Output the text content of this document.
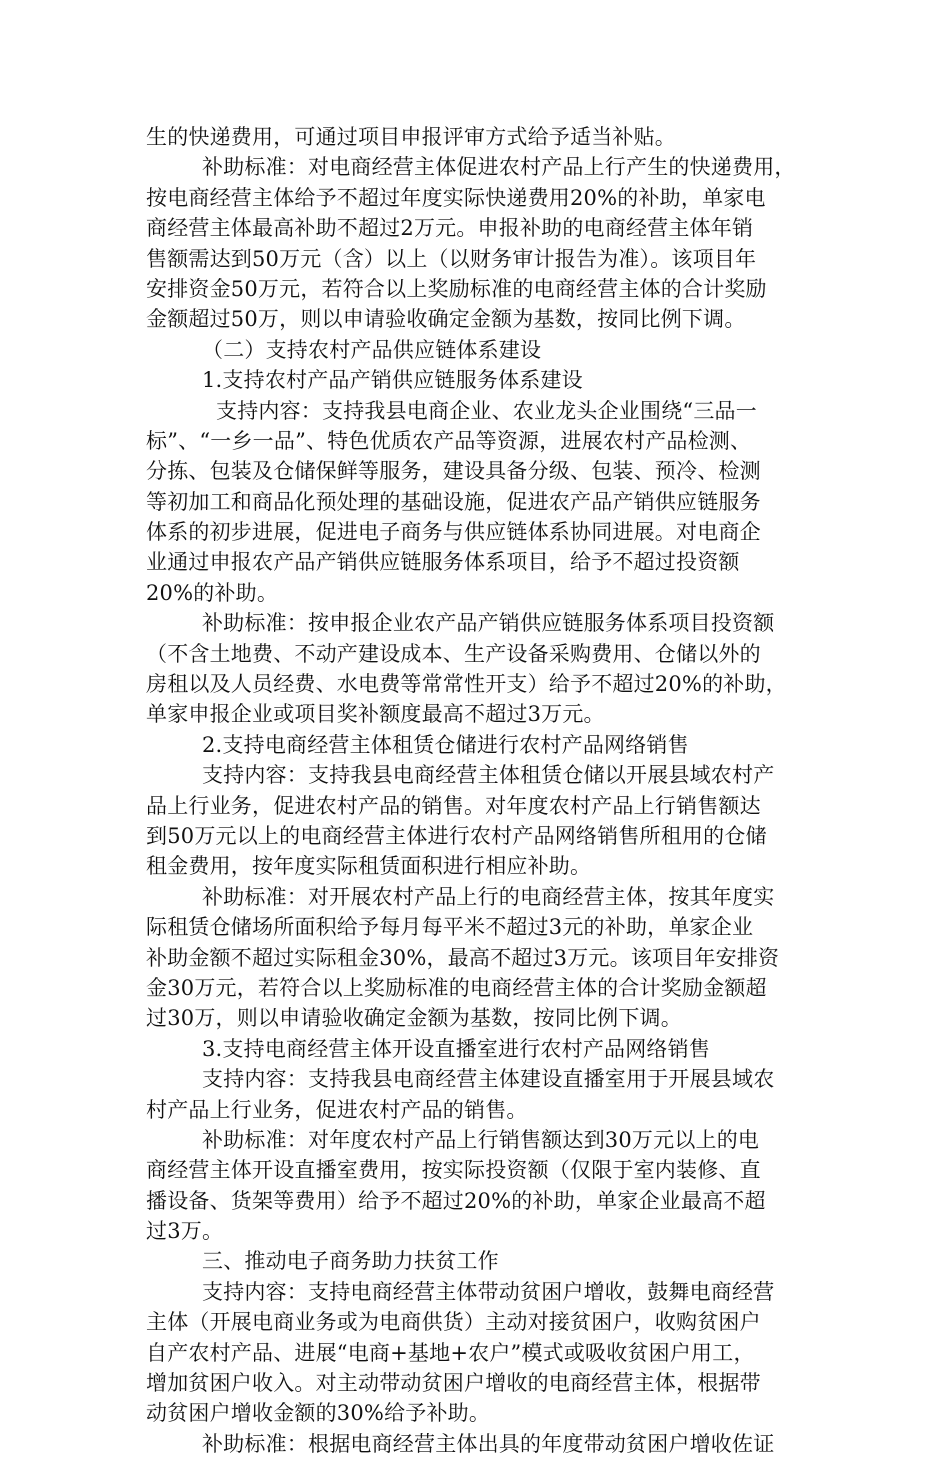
生的快递费用，可通过项目申报评审方式给予适当补贴。
补助标准：对电商经营主体促进农村产品上行产生的快递费用，
按电商经营主体给予不超过年度实际快递费用20%的补助，单家电
商经营主体最高补助不超过2万元。申报补助的电商经营主体年销
售额需达到50万元（含）以上（以财务审计报告为准）。该项目年
安排资金50万元，若符合以上奖励标准的电商经营主体的合计奖励
金额超过50万，则以申请验收确定金额为基数，按同比例下调。
（二）支持农村产品供应链体系建设
1.支持农村产品产销供应链服务体系建设
支持内容：支持我县电商企业、农业龙头企业围绕“三品一
标”、“一乡一品”、特色优质农产品等资源，进展农村产品检测、
分拣、包装及仓储保鲜等服务，建设具备分级、包装、预冷、检测
等初加工和商品化预处理的基础设施，促进农产品产销供应链服务
体系的初步进展，促进电子商务与供应链体系协同进展。对电商企
业通过申报农产品产销供应链服务体系项目，给予不超过投资额
20%的补助。
补助标准：按申报企业农产品产销供应链服务体系项目投资额
（不含土地费、不动产建设成本、生产设备采购费用、仓储以外的
房租以及人员经费、水电费等常常性开支）给予不超过20%的补助，
单家申报企业或项目奖补额度最高不超过3万元。
2.支持电商经营主体租赁仓储进行农村产品网络销售
支持内容：支持我县电商经营主体租赁仓储以开展县域农村产
品上行业务，促进农村产品的销售。对年度农村产品上行销售额达
到50万元以上的电商经营主体进行农村产品网络销售所租用的仓储
租金费用，按年度实际租赁面积进行相应补助。
补助标准：对开展农村产品上行的电商经营主体，按其年度实
际租赁仓储场所面积给予每月每平米不超过3元的补助，单家企业
补助金额不超过实际租金30%，最高不超过3万元。该项目年安排资
金30万元，若符合以上奖励标准的电商经营主体的合计奖励金额超
过30万，则以申请验收确定金额为基数，按同比例下调。
3.支持电商经营主体开设直播室进行农村产品网络销售
支持内容：支持我县电商经营主体建设直播室用于开展县域农
村产品上行业务，促进农村产品的销售。
补助标准：对年度农村产品上行销售额达到30万元以上的电
商经营主体开设直播室费用，按实际投资额（仅限于室内装修、直
播设备、货架等费用）给予不超过20%的补助，单家企业最高不超
过3万。
三、推动电子商务助力扶贫工作
支持内容：支持电商经营主体带动贫困户增收，鼓舞电商经营
主体（开展电商业务或为电商供货）主动对接贫困户，收购贫困户
自产农村产品、进展“电商+基地+农户”模式或吸收贫困户用工，
增加贫困户收入。对主动带动贫困户增收的电商经营主体，根据带
动贫困户增收金额的30%给予补助。
补助标准：根据电商经营主体出具的年度带动贫困户增收佐证
